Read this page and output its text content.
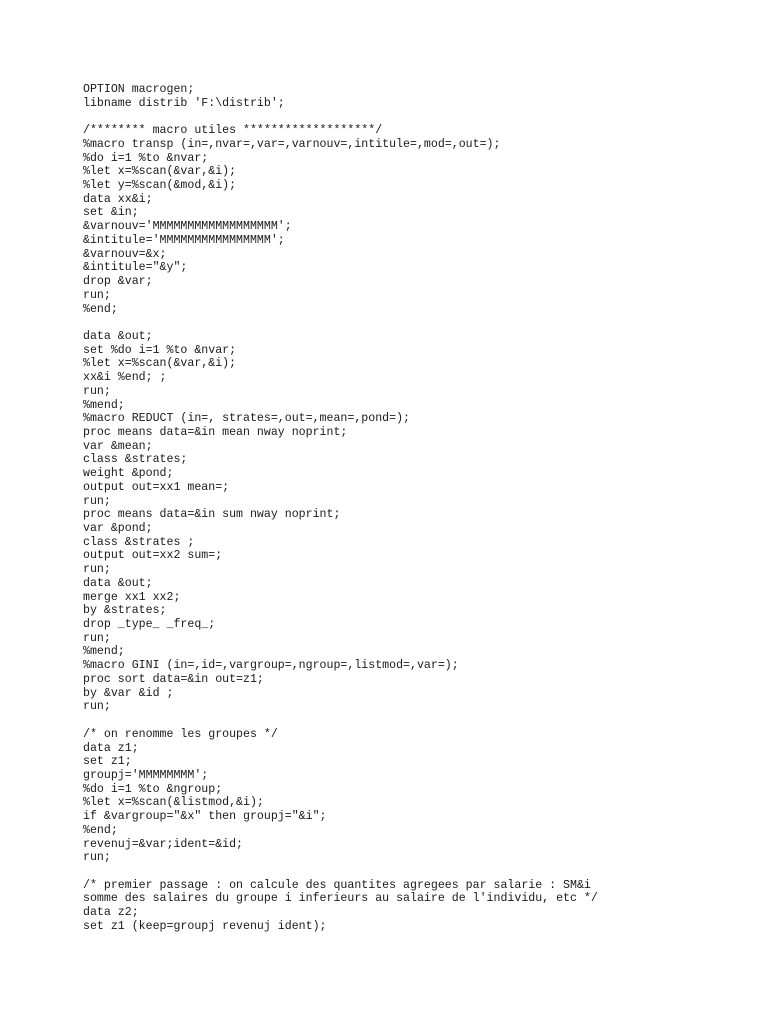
OPTION macrogen;
libname distrib 'F:\distrib';
/******** macro utiles *******************/
%macro transp (in=,nvar=,var=,varnouv=,intitule=,mod=,out=);
%do i=1 %to &nvar;
%let x=%scan(&var,&i);
%let y=%scan(&mod,&i);
data xx&i;
set &in;
&varnouv='MMMMMMMMMMMMMMMMMM';
&intitule='MMMMMMMMMMMMMMMM';
&varnouv=&x;
&intitule="&y";
drop &var;
run;
%end;
data &out;
set %do i=1 %to &nvar;
%let x=%scan(&var,&i);
xx&i %end; ;
run;
%mend;
%macro REDUCT (in=, strates=,out=,mean=,pond=);
proc means data=&in mean nway noprint;
var &mean;
class &strates;
weight &pond;
output out=xx1 mean=;
run;
proc means data=&in sum nway noprint;
var &pond;
class &strates ;
output out=xx2 sum=;
run;
data &out;
merge xx1 xx2;
by &strates;
drop _type_ _freq_;
run;
%mend;
%macro GINI (in=,id=,vargroup=,ngroup=,listmod=,var=);
proc sort data=&in out=z1;
by &var &id ;
run;
/* on renomme les groupes */
data z1;
set z1;
groupj='MMMMMMMM';
%do i=1 %to &ngroup;
%let x=%scan(&listmod,&i);
if &vargroup="&x" then groupj="&i";
%end;
revenuj=&var;ident=&id;
run;
/* premier passage : on calcule des quantites agregees par salarie : SM&i
somme des salaires du groupe i inferieurs au salaire de l'individu, etc */
data z2;
set z1 (keep=groupj revenuj ident);
